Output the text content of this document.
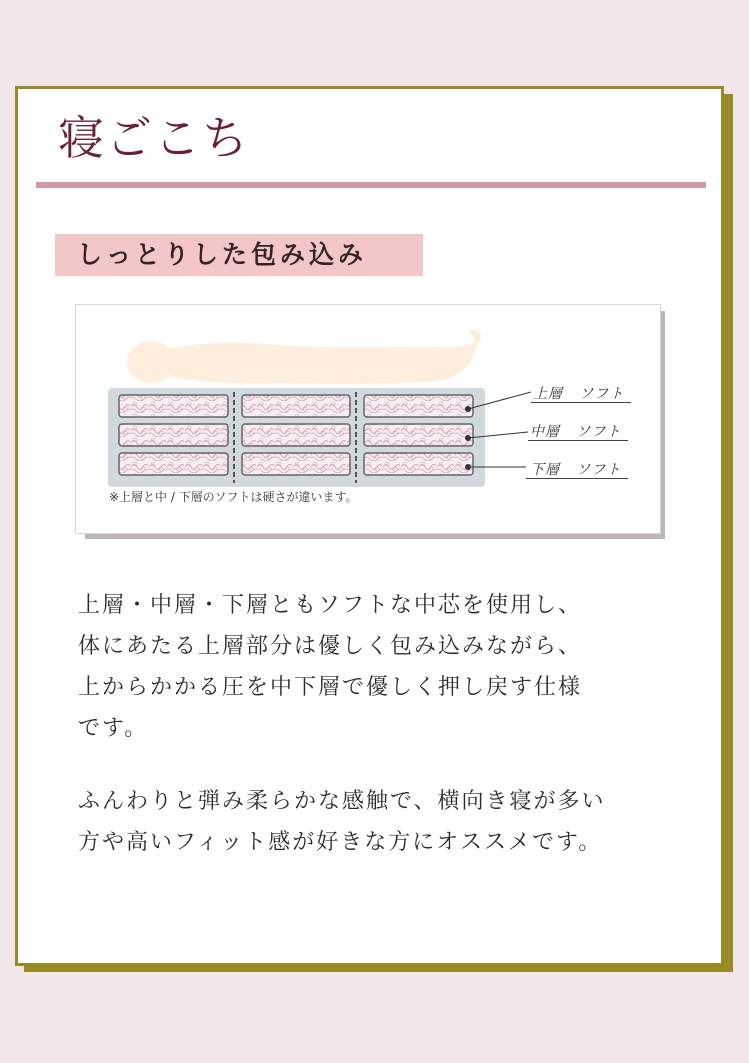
寝ごこち
しっとりした包み込み
上層 ソフト
中層 ソフト
下層 ソフト
※上層と中 / 下層のソフトは硬さが違います。

上層・中層・下層ともソフトな中芯を使用し、
体にあたる上層部分は優しく包み込みながら、
上からかかる圧を中下層で優しく押し戻す仕様
です。

ふんわりと弾み柔らかな感触で、横向き寝が多い
方や高いフィット感が好きな方にオススメです。
